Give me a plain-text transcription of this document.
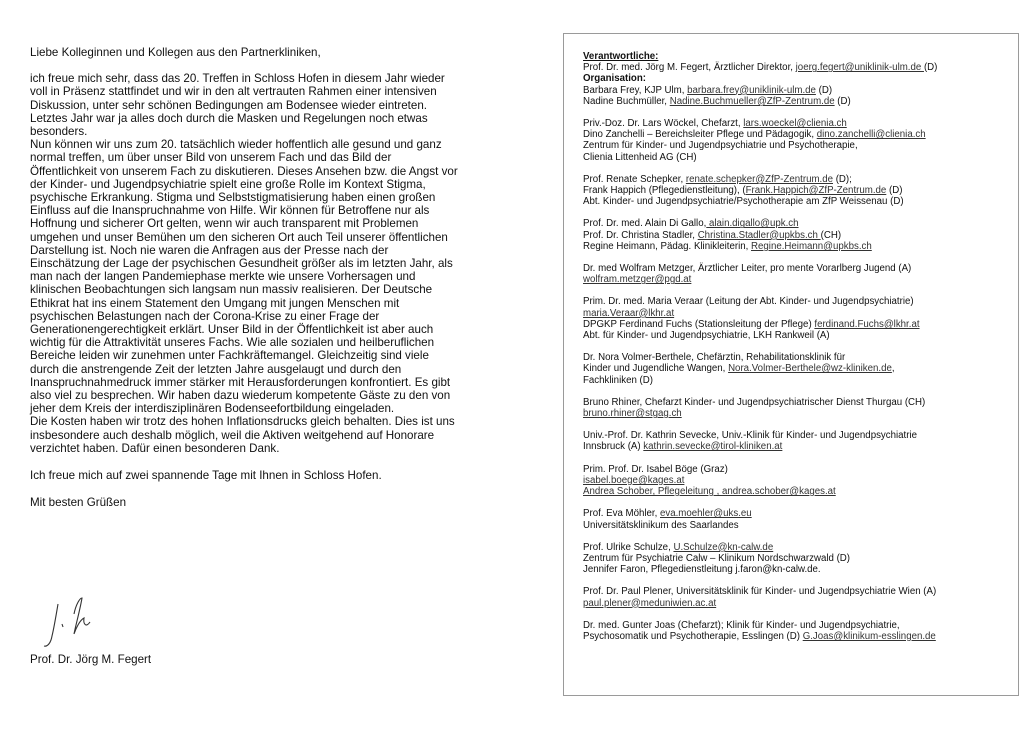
Liebe Kolleginnen und Kollegen aus den Partnerkliniken,

ich freue mich sehr, dass das 20. Treffen in Schloss Hofen in diesem Jahr wieder voll in Präsenz stattfindet und wir in den alt vertrauten Rahmen einer intensiven Diskussion, unter sehr schönen Bedingungen am Bodensee wieder eintreten. Letztes Jahr war ja alles doch durch die Masken und Regelungen noch etwas besonders.

Nun können wir uns zum 20. tatsächlich wieder hoffentlich alle gesund und ganz normal treffen, um über unser Bild von unserem Fach und das Bild der Öffentlichkeit von unserem Fach zu diskutieren. Dieses Ansehen bzw. die Angst vor der Kinder- und Jugendpsychiatrie spielt eine große Rolle im Kontext Stigma, psychische Erkrankung. Stigma und Selbststigmatisierung haben einen großen Einfluss auf die Inanspruchnahme von Hilfe. Wir können für Betroffene nur als Hoffnung und sicherer Ort gelten, wenn wir auch transparent mit Problemen umgehen und unser Bemühen um den sicheren Ort auch Teil unserer öffentlichen Darstellung ist. Noch nie waren die Anfragen aus der Presse nach der Einschätzung der Lage der psychischen Gesundheit größer als im letzten Jahr, als man nach der langen Pandemiephase merkte wie unsere Vorhersagen und klinischen Beobachtungen sich langsam nun massiv realisieren. Der Deutsche Ethikrat hat ins einem Statement den Umgang mit jungen Menschen mit psychischen Belastungen nach der Corona-Krise zu einer Frage der Generationengerechtigkeit erklärt. Unser Bild in der Öffentlichkeit ist aber auch wichtig für die Attraktivität unseres Fachs. Wie alle sozialen und heilberuflichen Bereiche leiden wir zunehmen unter Fachkräftemangel. Gleichzeitig sind viele durch die anstrengende Zeit der letzten Jahre ausgelaugt und durch den Inanspruchnahmedruck immer stärker mit Herausforderungen konfrontiert. Es gibt also viel zu besprechen. Wir haben dazu wiederum kompetente Gäste zu den von jeher dem Kreis der interdisziplinären Bodenseefortbildung eingeladen.

Die Kosten haben wir trotz des hohen Inflationsdrucks gleich behalten. Dies ist uns insbesondere auch deshalb möglich, weil die Aktiven weitgehend auf Honorare verzichtet haben. Dafür einen besonderen Dank.

Ich freue mich auf zwei spannende Tage mit Ihnen in Schloss Hofen.

Mit besten Grüßen

Prof. Dr. Jörg M. Fegert
Verantwortliche:
Prof. Dr. med. Jörg M. Fegert, Ärztlicher Direktor, joerg.fegert@uniklinik-ulm.de (D)
Organisation:
Barbara Frey, KJP Ulm, barbara.frey@uniklinik-ulm.de (D)
Nadine Buchmüller, Nadine.Buchmueller@ZfP-Zentrum.de (D)
Priv.-Doz. Dr. Lars Wöckel, Chefarzt, lars.woeckel@clienia.ch
Dino Zanchelli – Bereichsleiter Pflege und Pädagogik, dino.zanchelli@clienia.ch
Zentrum für Kinder- und Jugendpsychiatrie und Psychotherapie,
Clienia Littenheid AG (CH)
Prof. Renate Schepker, renate.schepker@ZfP-Zentrum.de (D);
Frank Happich (Pflegedienstleitung), (Frank.Happich@ZfP-Zentrum.de (D)
Abt. Kinder- und Jugendpsychiatrie/Psychotherapie am ZfP Weissenau (D)
Prof. Dr. med. Alain Di Gallo, alain.digallo@upk.ch
Prof. Dr. Christina Stadler, Christina.Stadler@upkbs.ch (CH)
Regine Heimann, Pädag. Klinikleiterin, Regine.Heimann@upkbs.ch
Dr. med Wolfram Metzger, Ärztlicher Leiter, pro mente Vorarlberg Jugend (A)
wolfram.metzger@pgd.at
Prim. Dr. med. Maria Veraar (Leitung der Abt. Kinder- und Jugendpsychiatrie)
maria.Veraar@lkhr.at
DPGKP Ferdinand Fuchs (Stationsleitung der Pflege) ferdinand.Fuchs@lkhr.at
Abt. für Kinder- und Jugendpsychiatrie, LKH Rankweil (A)
Dr. Nora Volmer-Berthele, Chefärztin, Rehabilitationsklinik für
Kinder und Jugendliche Wangen, Nora.Volmer-Berthele@wz-kliniken.de,
Fachkliniken (D)
Bruno Rhiner, Chefarzt Kinder- und Jugendpsychiatrischer Dienst Thurgau (CH)
bruno.rhiner@stgag.ch
Univ.-Prof. Dr. Kathrin Sevecke, Univ.-Klinik für Kinder- und Jugendpsychiatrie
Innsbruck (A) kathrin.sevecke@tirol-kliniken.at
Prim. Prof. Dr. Isabel Böge (Graz)
isabel.boege@kages.at
Andrea Schober, Pflegeleitung , andrea.schober@kages.at
Prof. Eva Möhler, eva.moehler@uks.eu
Universitätsklinikum des Saarlandes
Prof. Ulrike Schulze, U.Schulze@kn-calw.de
Zentrum für Psychiatrie Calw – Klinikum Nordschwarzwald (D)
Jennifer Faron, Pflegedienstleitung j.faron@kn-calw.de.
Prof. Dr. Paul Plener, Universitätsklinik für Kinder- und Jugendpsychiatrie Wien (A)
paul.plener@meduniwien.ac.at
Dr. med. Gunter Joas (Chefarzt); Klinik für Kinder- und Jugendpsychiatrie,
Psychosomatik und Psychotherapie, Esslingen (D) G.Joas@klinikum-esslingen.de
